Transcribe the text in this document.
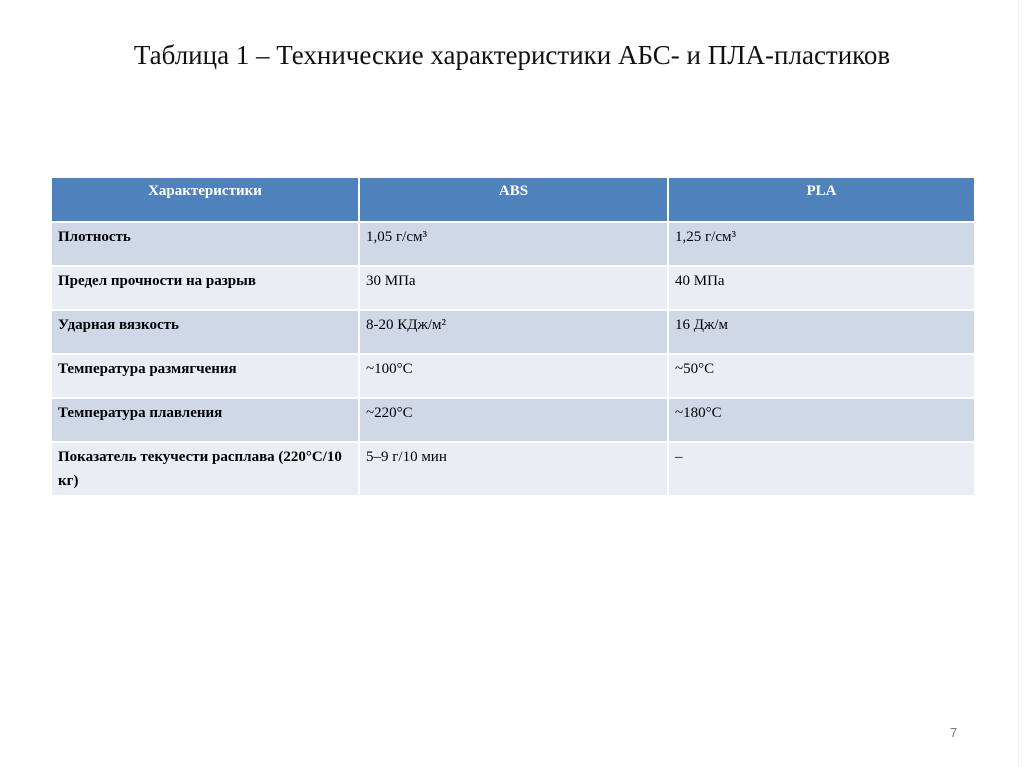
Таблица 1 – Технические характеристики АБС- и ПЛА-пластиков
Характеристики	ABS	PLA
Плотность	1,05 г/см³	1,25 г/см³
Предел прочности на разрыв	30 МПа	40 МПа
Ударная вязкость	8-20 КДж/м²	16 Дж/м
Температура размягчения	~100°С	~50°С
Температура плавления	~220°С	~180°С
Показатель текучести расплава (220°С/10 кг)	5–9 г/10 мин	–
7
